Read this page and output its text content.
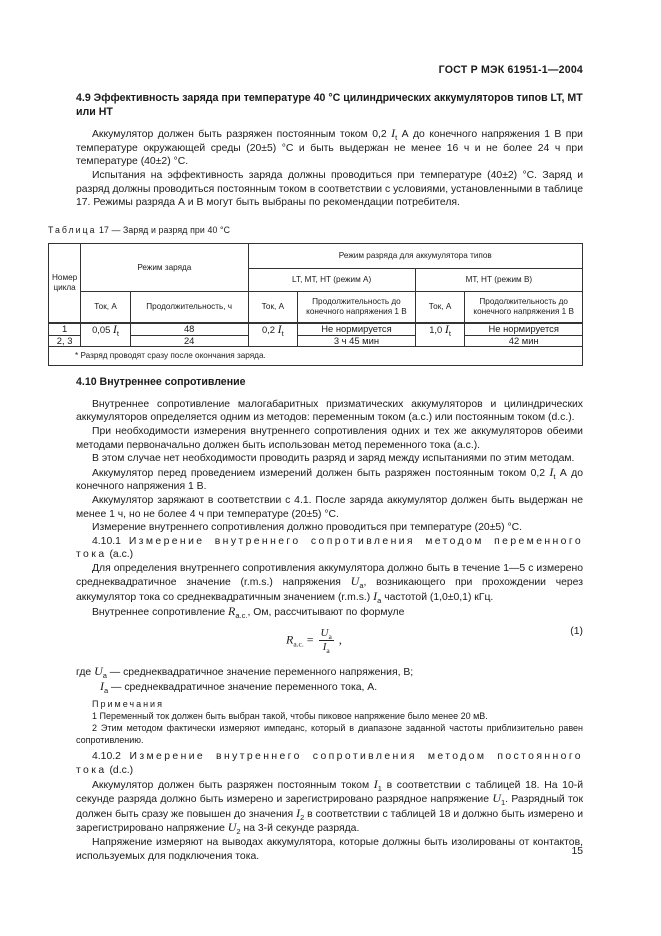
ГОСТ Р МЭК 61951-1—2004
4.9 Эффективность заряда при температуре 40 °С цилиндрических аккумуляторов типов LT, МТ или НТ

Аккумулятор должен быть разряжен постоянным током 0,2 $I_t$ А до конечного напряжения 1 В при температуре окружающей среды (20±5) °С и быть выдержан не менее 16 ч и не более 24 ч при температуре (40±2) °С.

Испытания на эффективность заряда должны проводиться при температуре (40±2) °С. Заряд и разряд должны проводиться постоянным током в соответствии с условиями, установленными в таблице 17. Режимы разряда А и В могут быть выбраны по рекомендации потребителя.

Таблица 17 — Заряд и разряд при 40 °С
Номер цикла	Режим заряда		Режим разряда для аккумулятора типов			
			LT, МТ, НТ (режим А)		МТ, НТ (режим В)	
	Ток, А	Продолжительность, ч	Ток, А	Продолжительность до конечного напряжения 1 В	Ток, А	Продолжительность до конечного напряжения 1 В
1	0,05 $I_t$	48	0,2 $I_t$	Не нормируется	1,0 $I_t$	Не нормируется
2, 3		24		3 ч 45 мин		42 мин
* Разряд проводят сразу после окончания заряда.						
4.10 Внутреннее сопротивление

Внутреннее сопротивление малогабаритных призматических аккумуляторов и цилиндрических аккумуляторов определяется одним из методов: переменным током (a.c.) или постоянным током (d.c.).

При необходимости измерения внутреннего сопротивления одних и тех же аккумуляторов обеими методами первоначально должен быть использован метод переменного тока (a.c.).

В этом случае нет необходимости проводить разряд и заряд между испытаниями по этим методам.

Аккумулятор перед проведением измерений должен быть разряжен постоянным током 0,2 $I_t$ А до конечного напряжения 1 В.

Аккумулятор заряжают в соответствии с 4.1. После заряда аккумулятор должен быть выдержан не менее 1 ч, но не более 4 ч при температуре (20±5) °С.

Измерение внутреннего сопротивления должно проводиться при температуре (20±5) °С.

4.10.1 Измерение внутреннего сопротивления методом переменного тока (a.c.)

Для определения внутреннего сопротивления аккумулятора должно быть в течение 1—5 с измерено среднеквадратичное значение (r.m.s.) напряжения $U_a$, возникающего при прохождении через аккумулятор тока со среднеквадратичным значением (r.m.s.) $I_a$ частотой (1,0±0,1) кГц.

Внутреннее сопротивление $R_{a.c.}$, Ом, рассчитывают по формуле

$R_{a.c.} = \frac{U_a}{I_a}$ ,
(1)

где $U_a$ — среднеквадратичное значение переменного напряжения, В;

$I_a$ — среднеквадратичное значение переменного тока, А.

Примечания

1 Переменный ток должен быть выбран такой, чтобы пиковое напряжение было менее 20 мВ.

2 Этим методом фактически измеряют импеданс, который в диапазоне заданной частоты приблизительно равен сопротивлению.

4.10.2 Измерение внутреннего сопротивления методом постоянного тока (d.c.)

Аккумулятор должен быть разряжен постоянным током $I_1$ в соответствии с таблицей 18. На 10-й секунде разряда должно быть измерено и зарегистрировано разрядное напряжение $U_1$. Разрядный ток должен быть сразу же повышен до значения $I_2$ в соответствии с таблицей 18 и должно быть измерено и зарегистрировано напряжение $U_2$ на 3-й секунде разряда.

Напряжение измеряют на выводах аккумулятора, которые должны быть изолированы от контактов, используемых для подключения тока.	15
